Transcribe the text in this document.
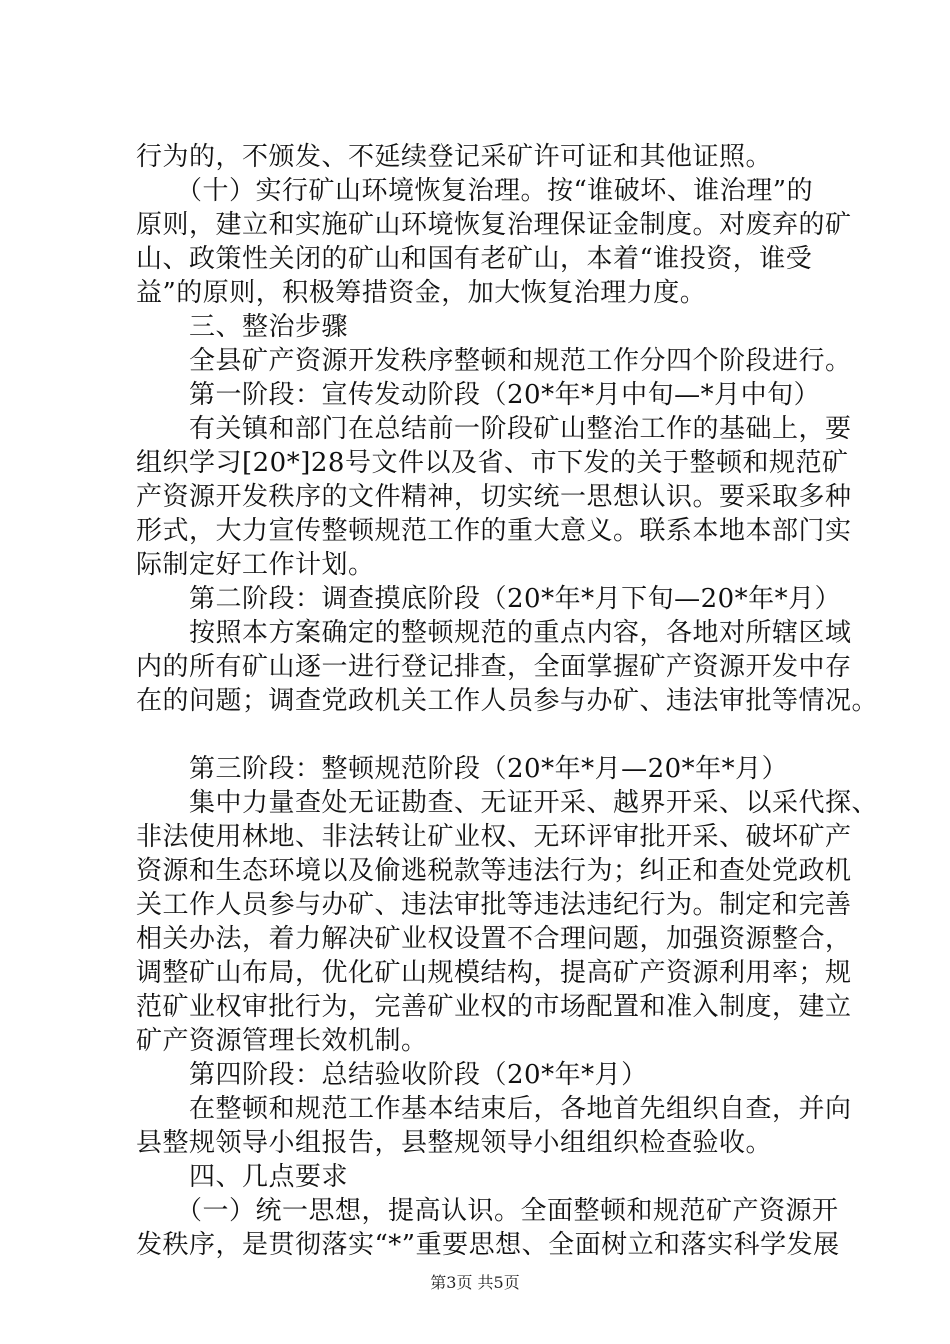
行为的，不颁发、不延续登记采矿许可证和其他证照。
　　（十）实行矿山环境恢复治理。按“谁破坏、谁治理”的
原则，建立和实施矿山环境恢复治理保证金制度。对废弃的矿
山、政策性关闭的矿山和国有老矿山，本着“谁投资，谁受
益”的原则，积极筹措资金，加大恢复治理力度。
　　三、整治步骤
　　全县矿产资源开发秩序整顿和规范工作分四个阶段进行。
　　第一阶段：宣传发动阶段（20*年*月中旬—*月中旬）
　　有关镇和部门在总结前一阶段矿山整治工作的基础上，要
组织学习[20*]28号文件以及省、市下发的关于整顿和规范矿
产资源开发秩序的文件精神，切实统一思想认识。要采取多种
形式，大力宣传整顿规范工作的重大意义。联系本地本部门实
际制定好工作计划。
　　第二阶段：调查摸底阶段（20*年*月下旬—20*年*月）
　　按照本方案确定的整顿规范的重点内容，各地对所辖区域
内的所有矿山逐一进行登记排查，全面掌握矿产资源开发中存
在的问题；调查党政机关工作人员参与办矿、违法审批等情况。
　　第三阶段：整顿规范阶段（20*年*月—20*年*月）
　　集中力量查处无证勘查、无证开采、越界开采、以采代探、
非法使用林地、非法转让矿业权、无环评审批开采、破坏矿产
资源和生态环境以及偷逃税款等违法行为；纠正和查处党政机
关工作人员参与办矿、违法审批等违法违纪行为。制定和完善
相关办法，着力解决矿业权设置不合理问题，加强资源整合，
调整矿山布局，优化矿山规模结构，提高矿产资源利用率；规
范矿业权审批行为，完善矿业权的市场配置和准入制度，建立
矿产资源管理长效机制。
　　第四阶段：总结验收阶段（20*年*月）
　　在整顿和规范工作基本结束后，各地首先组织自查，并向
县整规领导小组报告，县整规领导小组组织检查验收。
　　四、几点要求
　　（一）统一思想，提高认识。全面整顿和规范矿产资源开
第3页 共5页
发秩序，是贯彻落实“*”重要思想、全面树立和落实科学发展
